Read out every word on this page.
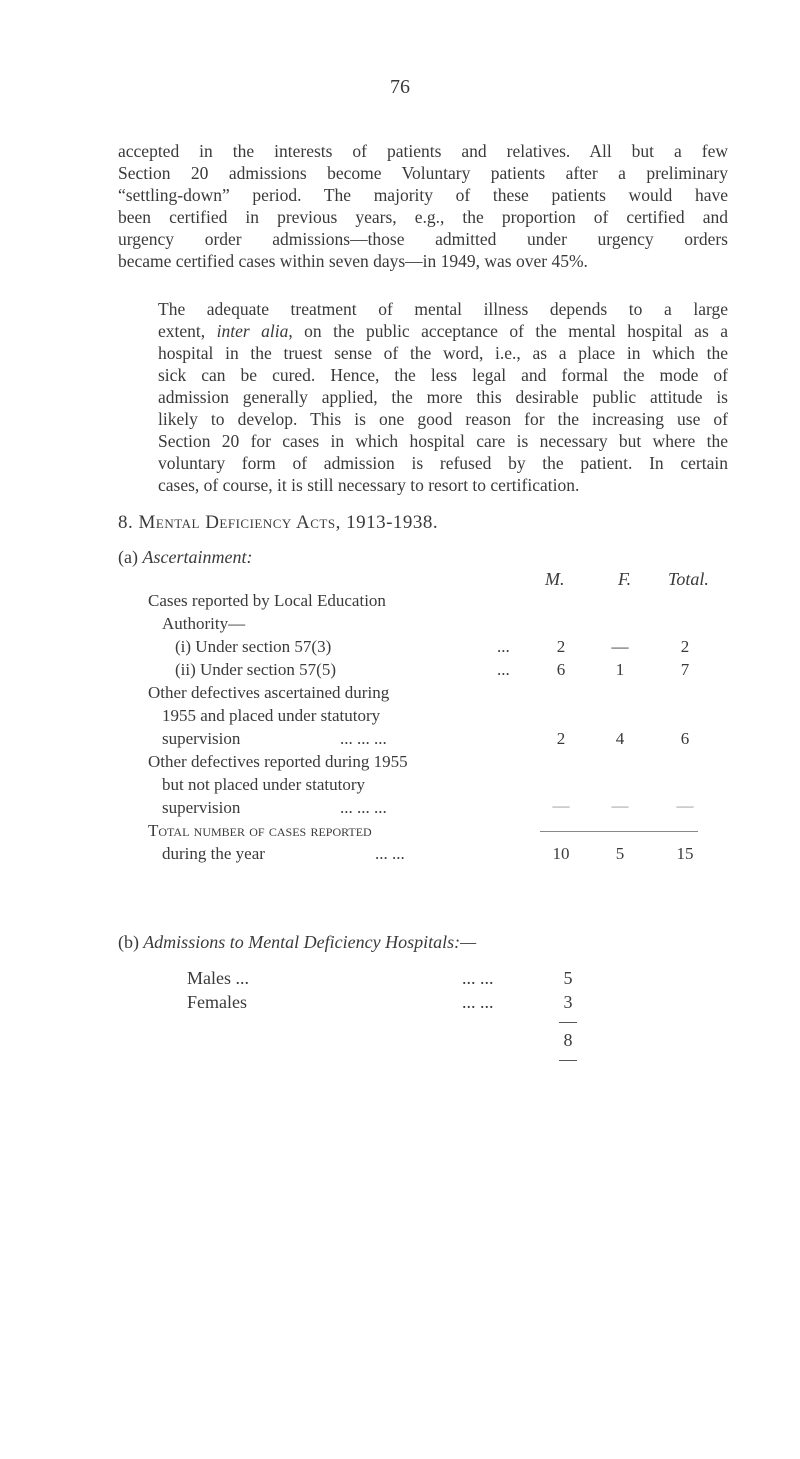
76
accepted in the interests of patients and relatives. All but a few
Section 20 admissions become Voluntary patients after a preliminary
“settling-down” period. The majority of these patients would have
been certified in previous years, e.g., the proportion of certified and
urgency order admissions—those admitted under urgency orders
became certified cases within seven days—in 1949, was over 45%.
The adequate treatment of mental illness depends to a large
extent, inter alia, on the public acceptance of the mental hospital as a
hospital in the truest sense of the word, i.e., as a place in which the
sick can be cured. Hence, the less legal and formal the mode of
admission generally applied, the more this desirable public attitude is
likely to develop. This is one good reason for the increasing use of
Section 20 for cases in which hospital care is necessary but where the
voluntary form of admission is refused by the patient. In certain
cases, of course, it is still necessary to resort to certification.
8. Mental Deficiency Acts, 1913-1938.
(a) Ascertainment:
M.	F. Total.
Cases reported by Local Education
Authority—
(i) Under section 57(3)	...	2	—	2
(ii) Under section 57(5)	...	6	1	7
Other defectives ascertained during
1955 and placed under statutory
supervision	... ... ...	2	4	6
Other defectives reported during 1955
but not placed under statutory
supervision	... ... ...	—	—	—
Total number of cases reported
during the year	... ...	10	5	15
(b) Admissions to Mental Deficiency Hospitals:—
Males ...	... ...	5
Females	... ...	3
8
